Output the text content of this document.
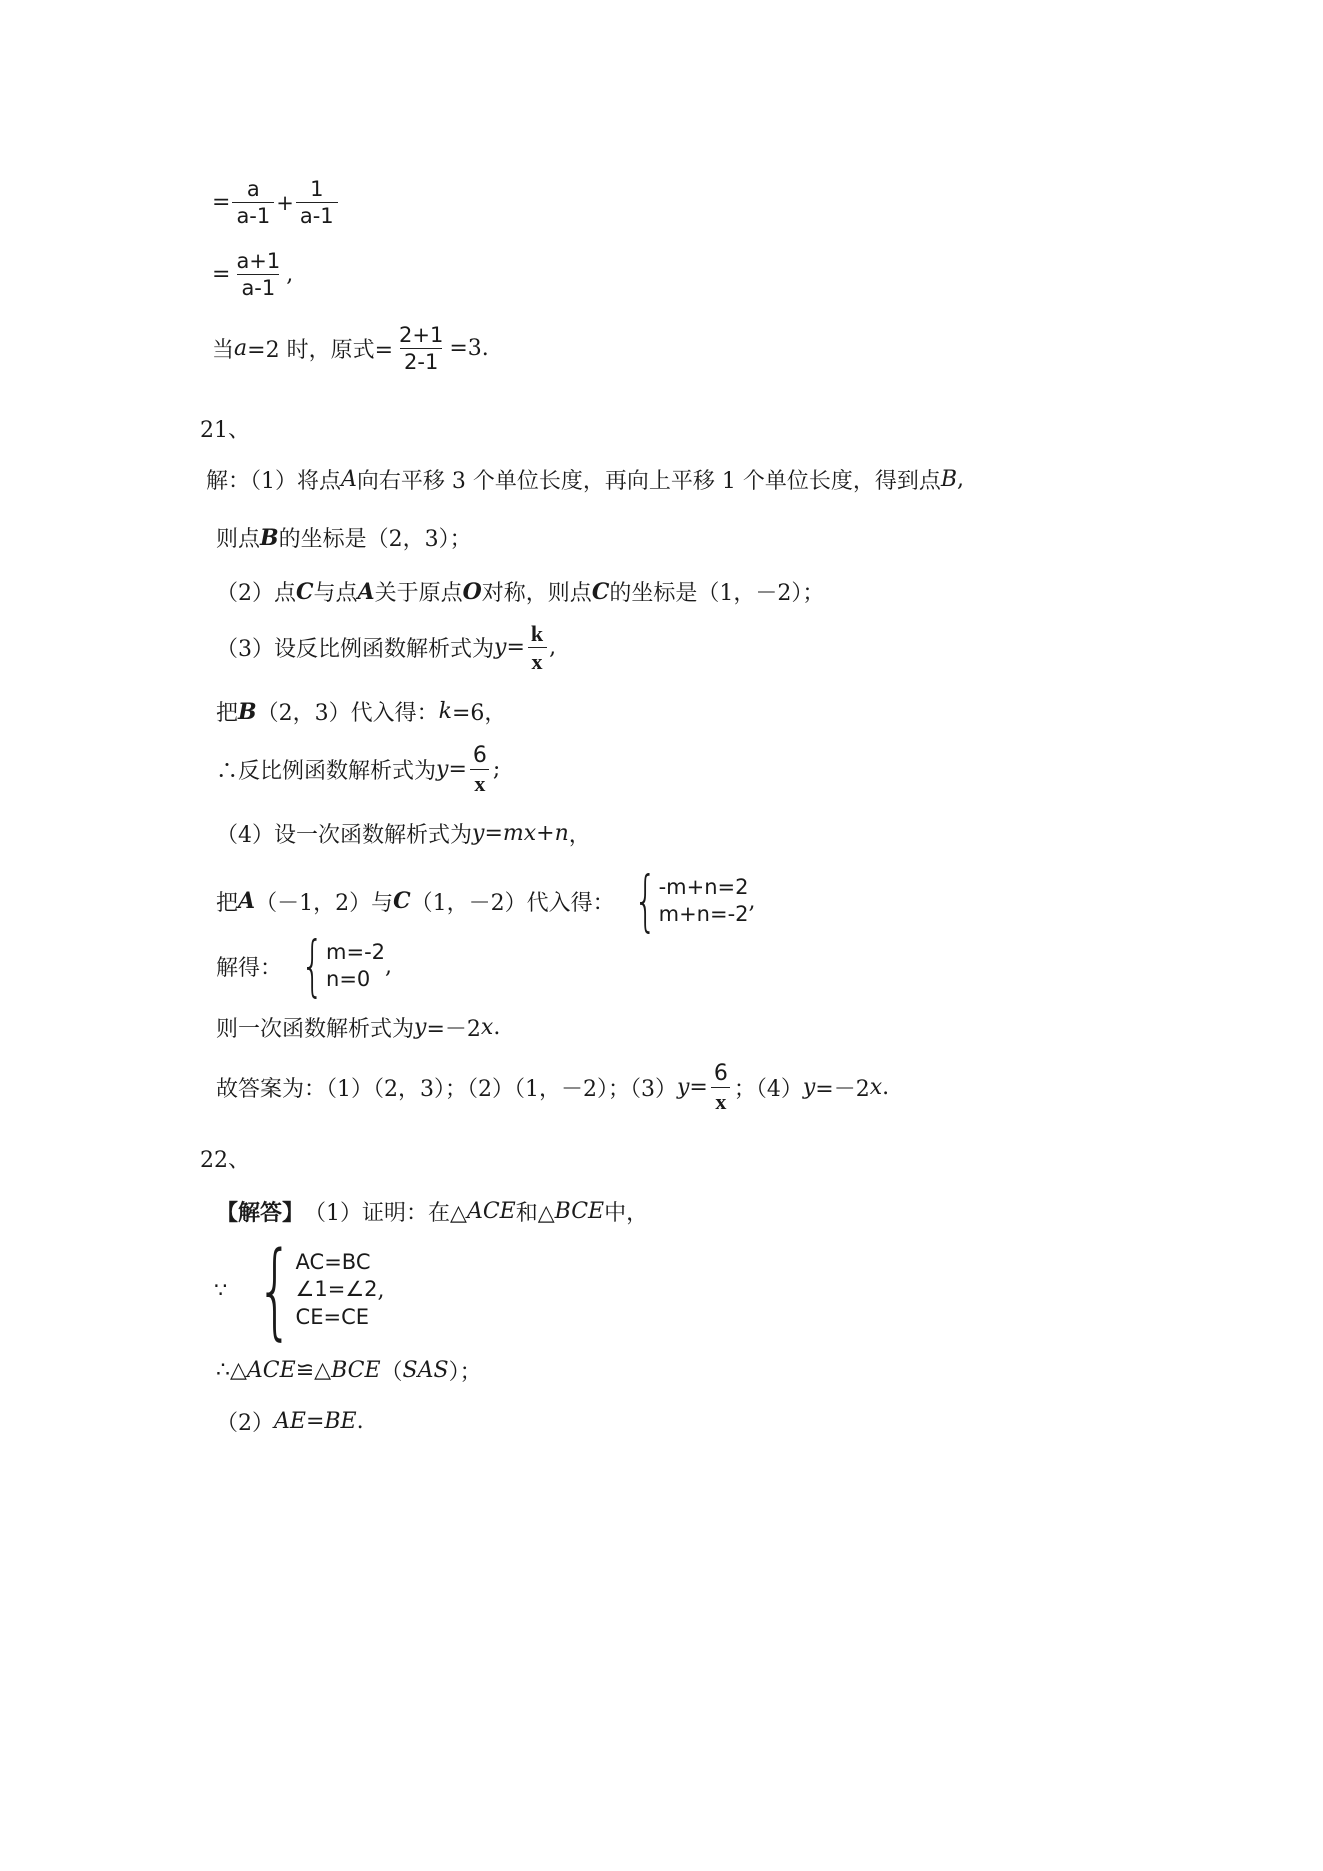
= $\frac{a}{a-1} + \frac{1}{a-1}$
= $\frac{a+1}{a-1}$ ,
当 a =2 时，原式= $\frac{2+1}{2-1} =3$.
21、
解：（1）将点 A 向右平移 3 个单位长度，再向上平移 1 个单位长度，得到点 B ,
则点 B 的坐标是（2，3）；
（2）点 C 与点 A 关于原点 O 对称，则点 C 的坐标是（1，－2）；
（3）设反比例函数解析式为 $y = \frac{k}{x}$ ,
把 B （2，3）代入得： k =6，
∴反比例函数解析式为 $y = \frac{6}{x}$ ;
（4）设一次函数解析式为 y = mx + n ，
把 A （－1，2）与 C （1，－2）代入得： { -m+n=2
m+n=-2
,
解得： { m=-2
n=0
,
则一次函数解析式为 y =－2 x .
故答案为：（1）（2，3）；（2）（1，－2）；（3） $y = \frac{6}{x}$ ；（4） y =－2 x .
22、
【解答】 （1）证明：在△ ACE 和△ BCE 中，
∵ { AC=BC
∠1=∠2
CE=CE
,
∴△ ACE ≌△ BCE （ SAS ）；
（2） AE = BE .
